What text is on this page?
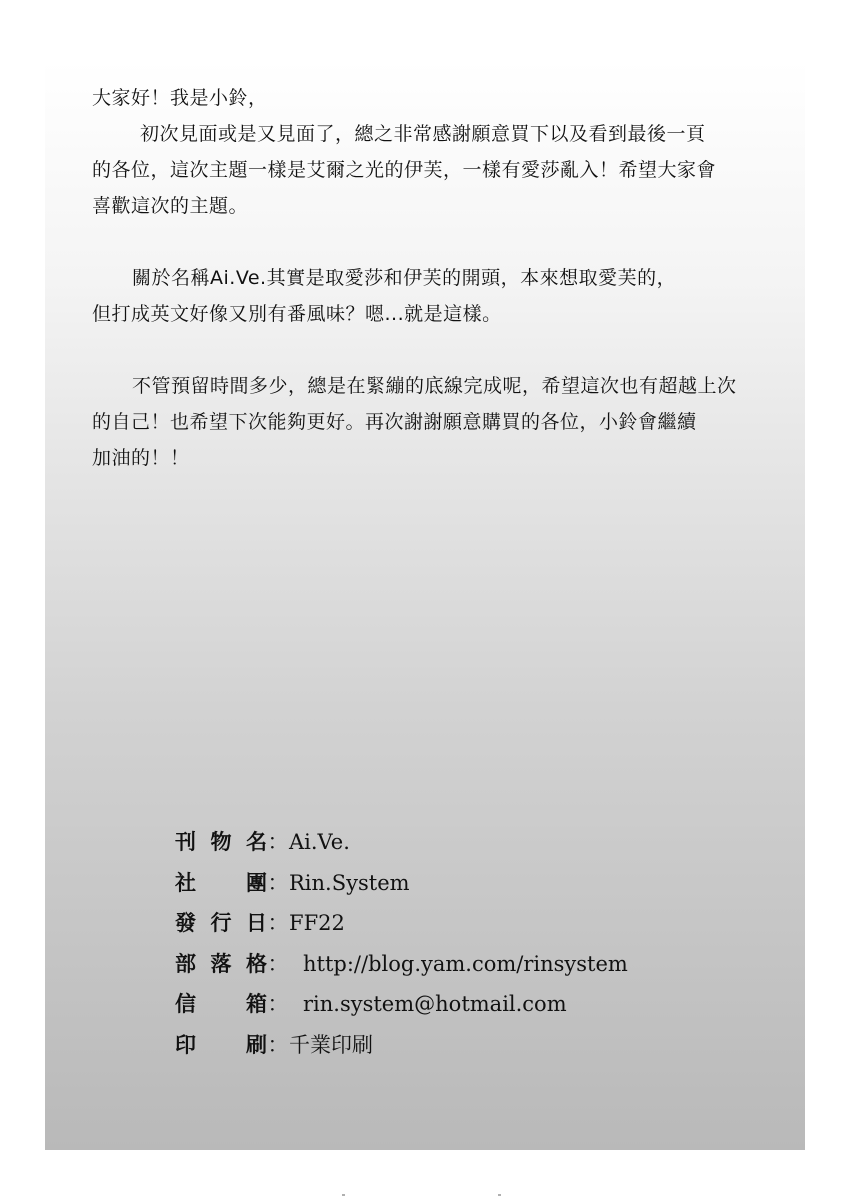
大家好！我是小鈴，
初次見面或是又見面了，總之非常感謝願意買下以及看到最後一頁
的各位，這次主題一樣是艾爾之光的伊芙，一樣有愛莎亂入！希望大家會
喜歡這次的主題。
關於名稱Ai.Ve.其實是取愛莎和伊芙的開頭，本來想取愛芙的，
但打成英文好像又別有番風味？嗯...就是這樣。
不管預留時間多少，總是在緊繃的底線完成呢，希望這次也有超越上次
的自己！也希望下次能夠更好。再次謝謝願意購買的各位，小鈴會繼續
加油的！！
刊物名 ： Ai.Ve.
社團 ： Rin.System
發行日 ： FF22
部落格 ： http://blog.yam.com/rinsystem
信箱 ： rin.system@hotmail.com
印刷 ： 千業印刷
